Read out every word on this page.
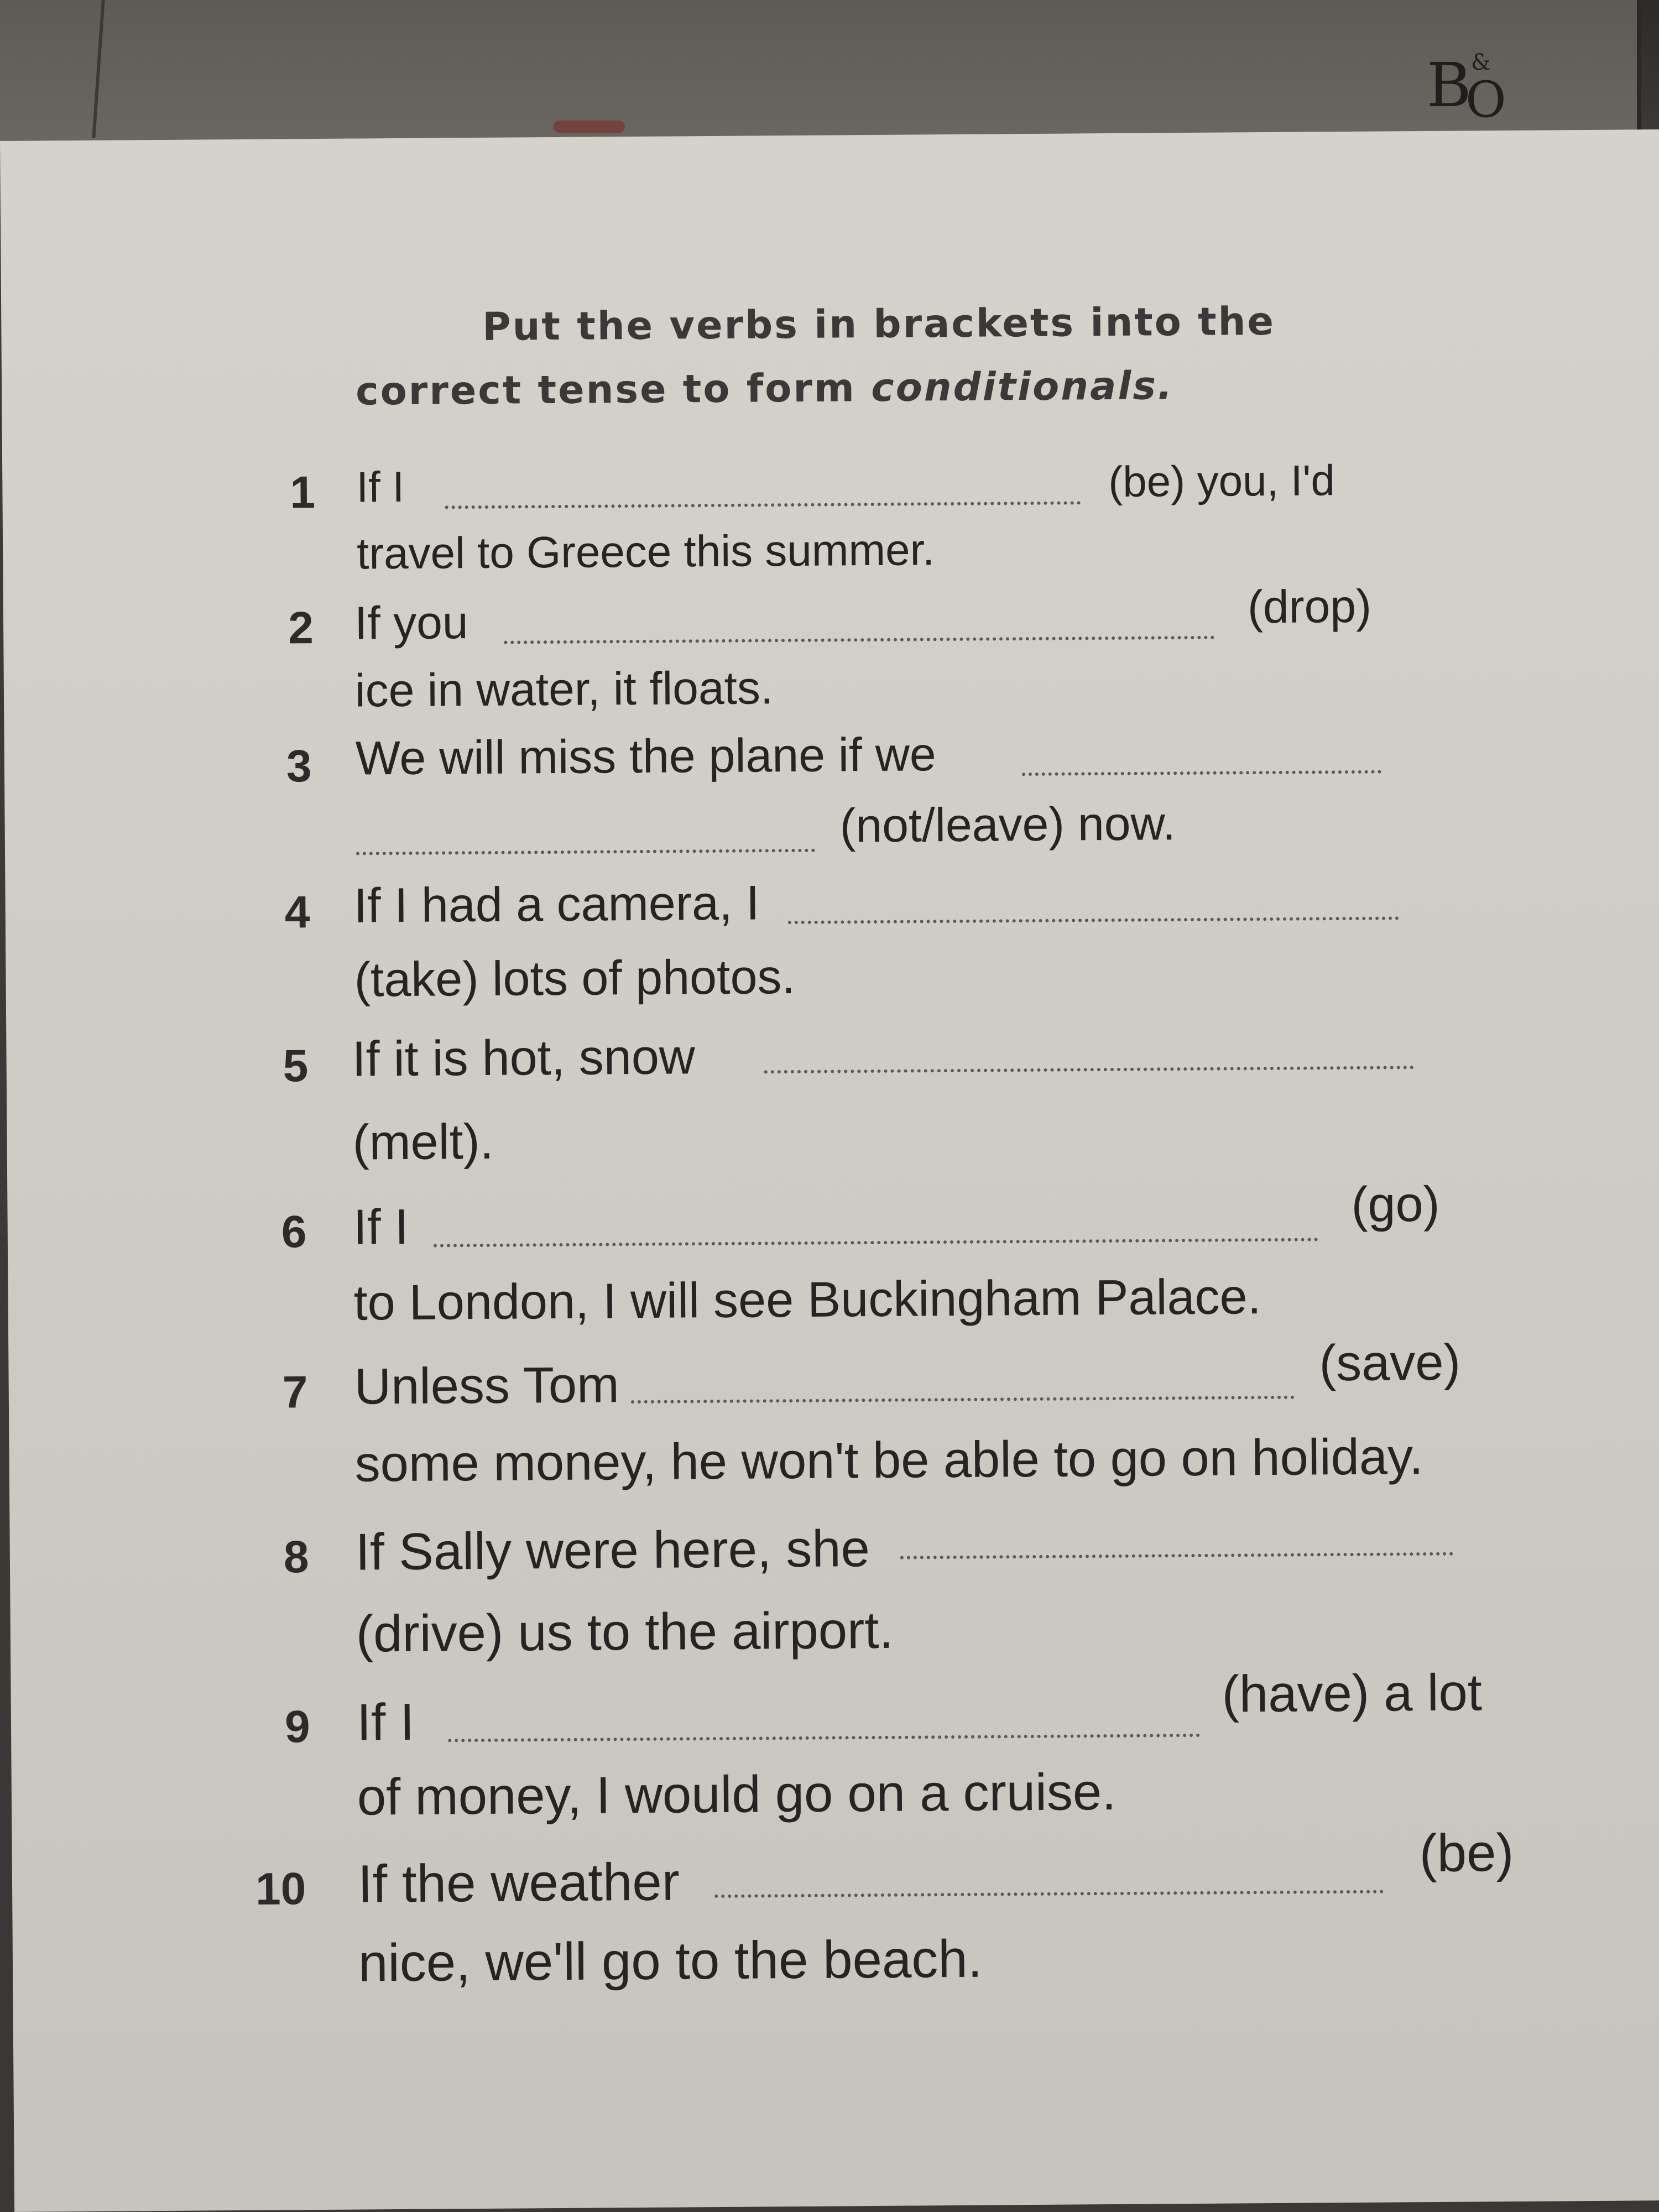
B &
O
Put the verbs in brackets into the
correct tense to form conditionals.
1 If I	(be) you, I'd
travel to Greece this summer.
2 If you	(drop)
ice in water, it floats.
3 We will miss the plane if we
(not/leave) now.
4 If I had a camera, I
(take) lots of photos.
5 If it is hot, snow
(melt).
6 If I	(go)
to London, I will see Buckingham Palace.
7 Unless Tom	(save)
some money, he won't be able to go on holiday.
8 If Sally were here, she
(drive) us to the airport.
9 If I	(have) a lot
of money, I would go on a cruise.
10 If the weather	(be)
nice, we'll go to the beach.
